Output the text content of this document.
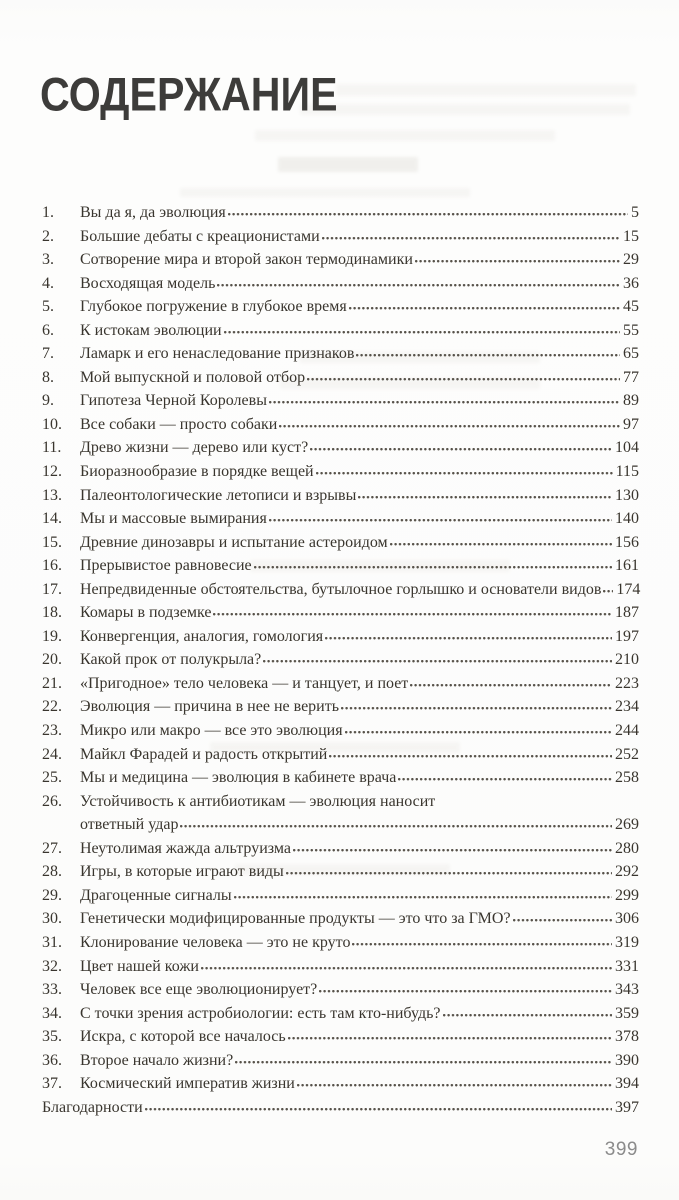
СОДЕРЖАНИЕ
1.	Вы да я, да эволюция	5
2.	Большие дебаты с креационистами	15
3.	Сотворение мира и второй закон термодинамики	29
4.	Восходящая модель	36
5.	Глубокое погружение в глубокое время	45
6.	К истокам эволюции	55
7.	Ламарк и его ненаследование признаков	65
8.	Мой выпускной и половой отбор	77
9.	Гипотеза Черной Королевы	89
10.	Все собаки — просто собаки	97
11.	Древо жизни — дерево или куст?	104
12.	Биоразнообразие в порядке вещей	115
13.	Палеонтологические летописи и взрывы	130
14.	Мы и массовые вымирания	140
15.	Древние динозавры и испытание астероидом	156
16.	Прерывистое равновесие	161
17.	Непредвиденные обстоятельства, бутылочное горлышко и основатели видов 174
18.	Комары в подземке	187
19.	Конвергенция, аналогия, гомология	197
20.	Какой прок от полукрыла?	210
21.	«Пригодное» тело человека — и танцует, и поет	223
22.	Эволюция — причина в нее не верить	234
23.	Микро или макро — все это эволюция	244
24.	Майкл Фарадей и радость открытий	252
25.	Мы и медицина — эволюция в кабинете врача	258
26.	Устойчивость к антибиотикам — эволюция наносит
ответный удар	269
27.	Неутолимая жажда альтруизма	280
28.	Игры, в которые играют виды	292
29.	Драгоценные сигналы	299
30.	Генетически модифицированные продукты — это что за ГМО?	306
31.	Клонирование человека — это не круто	319
32.	Цвет нашей кожи	331
33.	Человек все еще эволюционирует?	343
34.	С точки зрения астробиологии: есть там кто-нибудь?	359
35.	Искра, с которой все началось	378
36.	Второе начало жизни?	390
37.	Космический императив жизни	394
Благодарности	397
399
